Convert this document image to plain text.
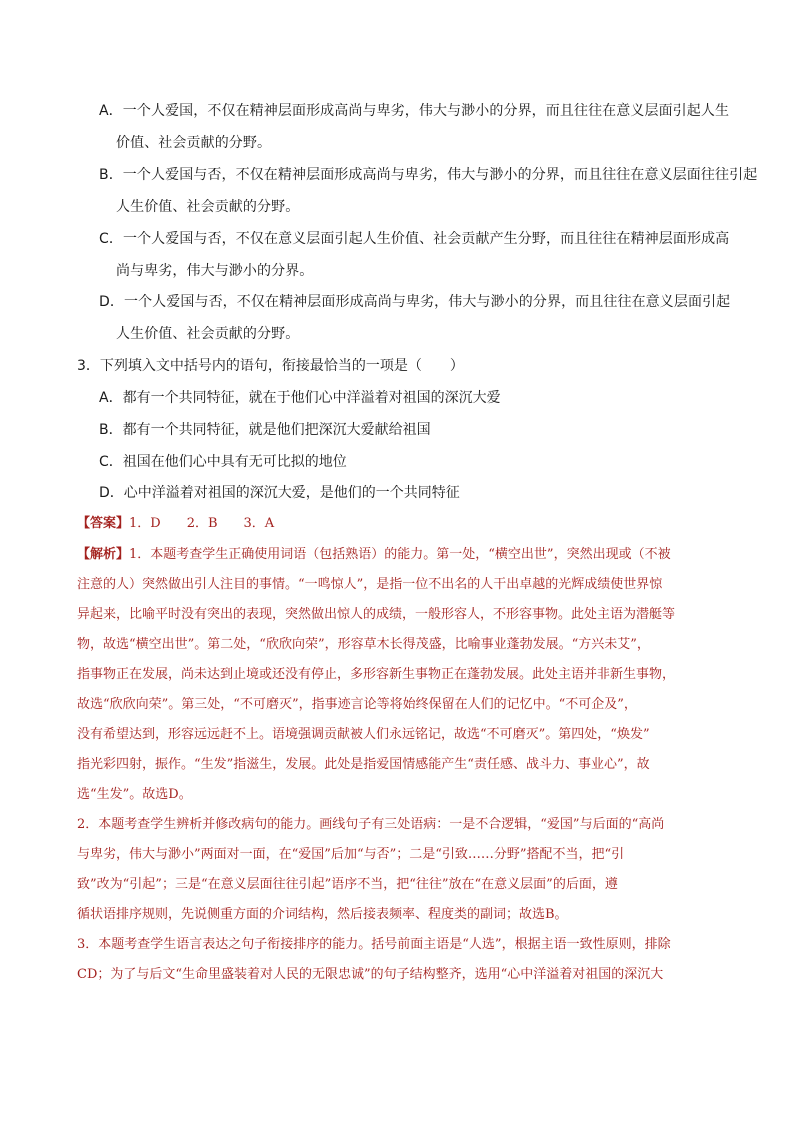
A．一个人爱国，不仅在精神层面形成高尚与卑劣，伟大与渺小的分界，而且往往在意义层面引起人生
价值、社会贡献的分野。
B．一个人爱国与否，不仅在精神层面形成高尚与卑劣，伟大与渺小的分界，而且往往在意义层面往往引起
人生价值、社会贡献的分野。
C．一个人爱国与否，不仅在意义层面引起人生价值、社会贡献产生分野，而且往往在精神层面形成高
尚与卑劣，伟大与渺小的分界。
D．一个人爱国与否，不仅在精神层面形成高尚与卑劣，伟大与渺小的分界，而且往往在意义层面引起
人生价值、社会贡献的分野。
3．下列填入文中括号内的语句，衔接最恰当的一项是（　　）
A．都有一个共同特征，就在于他们心中洋溢着对祖国的深沉大爱
B．都有一个共同特征，就是他们把深沉大爱献给祖国
C．祖国在他们心中具有无可比拟的地位
D．心中洋溢着对祖国的深沉大爱，是他们的一个共同特征
【答案】1．D　　2．B　　3．A
【解析】1．本题考查学生正确使用词语（包括熟语）的能力。第一处，“横空出世”，突然出现或（不被
注意的人）突然做出引人注目的事情。“一鸣惊人”，是指一位不出名的人干出卓越的光辉成绩使世界惊
异起来，比喻平时没有突出的表现，突然做出惊人的成绩，一般形容人，不形容事物。此处主语为潜艇等
物，故选“横空出世”。第二处，“欣欣向荣”，形容草木长得茂盛，比喻事业蓬勃发展。“方兴未艾”，
指事物正在发展，尚未达到止境或还没有停止，多形容新生事物正在蓬勃发展。此处主语并非新生事物，
故选“欣欣向荣”。第三处，“不可磨灭”，指事迹言论等将始终保留在人们的记忆中。“不可企及”，
没有希望达到，形容远远赶不上。语境强调贡献被人们永远铭记，故选“不可磨灭”。第四处，“焕发”
指光彩四射，振作。“生发”指滋生，发展。此处是指爱国情感能产生“责任感、战斗力、事业心”，故
选“生发”。故选D。
2．本题考查学生辨析并修改病句的能力。画线句子有三处语病：一是不合逻辑，“爱国”与后面的“高尚
与卑劣，伟大与渺小”两面对一面，在“爱国”后加“与否”；二是“引致……分野”搭配不当，把“引
致”改为“引起”；三是“在意义层面往往引起”语序不当，把“往往”放在“在意义层面”的后面，遵
循状语排序规则，先说侧重方面的介词结构，然后接表频率、程度类的副词；故选B。
3．本题考查学生语言表达之句子衔接排序的能力。括号前面主语是“人选”，根据主语一致性原则，排除
CD；为了与后文“生命里盛装着对人民的无限忠诚”的句子结构整齐，选用“心中洋溢着对祖国的深沉大
